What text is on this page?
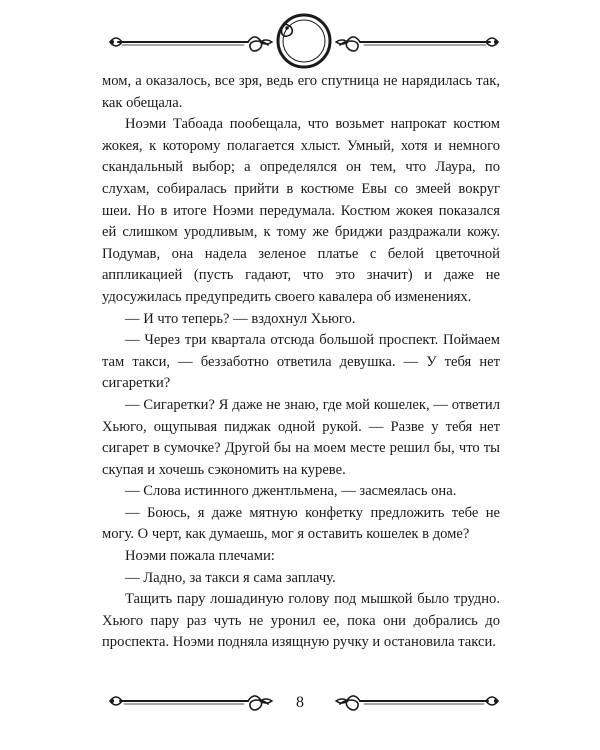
мом, а оказалось, все зря, ведь его спутница не нарядилась так, как обещала.

Ноэми Табоада пообещала, что возьмет напрокат костюм жокея, к которому полагается хлыст. Умный, хотя и немного скандальный выбор; а определялся он тем, что Лаура, по слухам, собиралась прийти в костюме Евы со змеей вокруг шеи. Но в итоге Ноэми передумала. Костюм жокея показался ей слишком уродливым, к тому же бриджи раздражали кожу. Подумав, она надела зеленое платье с белой цветочной аппликацией (пусть гадают, что это значит) и даже не удосужилась предупредить своего кавалера об изменениях.

— И что теперь? — вздохнул Хьюго.

— Через три квартала отсюда большой проспект. Поймаем там такси, — беззаботно ответила девушка. — У тебя нет сигаретки?

— Сигаретки? Я даже не знаю, где мой кошелек, — ответил Хьюго, ощупывая пиджак одной рукой. — Разве у тебя нет сигарет в сумочке? Другой бы на моем месте решил бы, что ты скупая и хочешь сэкономить на куреве.

— Слова истинного джентльмена, — засмеялась она.

— Боюсь, я даже мятную конфетку предложить тебе не могу. О черт, как думаешь, мог я оставить кошелек в доме?

Ноэми пожала плечами:

— Ладно, за такси я сама заплачу.

Тащить пару лошадиную голову под мышкой было трудно. Хьюго пару раз чуть не уронил ее, пока они добрались до проспекта. Ноэми подняла изящную ручку и остановила такси.

8
